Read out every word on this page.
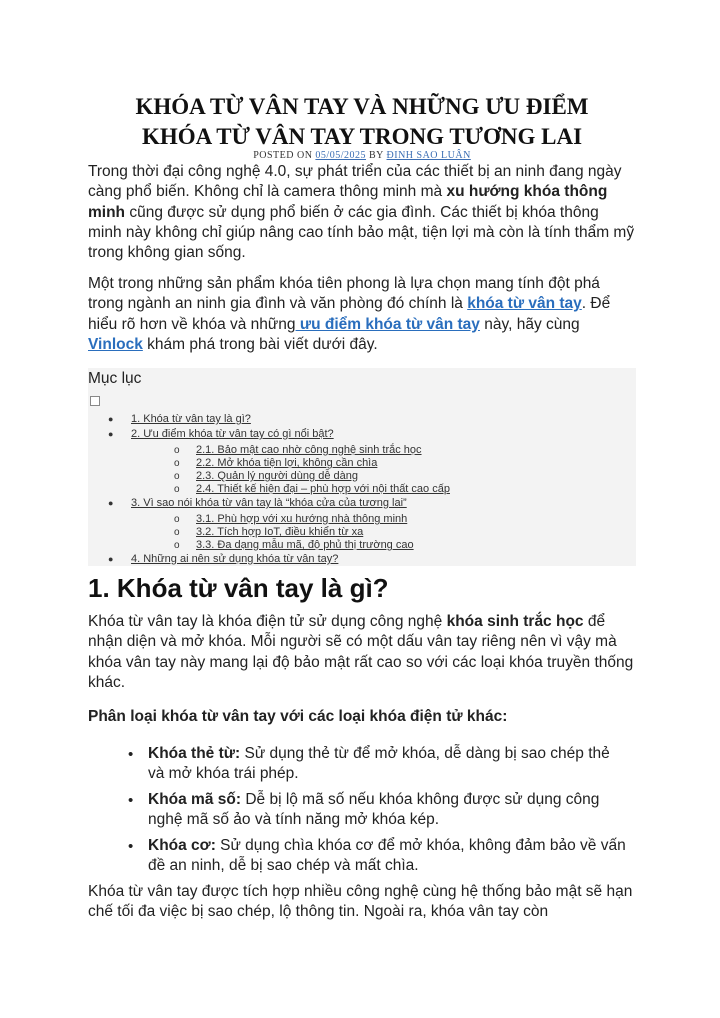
KHÓA TỪ VÂN TAY VÀ NHỮNG ƯU ĐIỂM
KHÓA TỪ VÂN TAY TRONG TƯƠNG LAI
POSTED ON 05/05/2025 BY ĐINH SAO LUÂN

Trong thời đại công nghệ 4.0, sự phát triển của các thiết bị an ninh đang ngày càng phổ biến. Không chỉ là camera thông minh mà xu hướng khóa thông minh cũng được sử dụng phổ biến ở các gia đình. Các thiết bị khóa thông minh này không chỉ giúp nâng cao tính bảo mật, tiện lợi mà còn là tính thẩm mỹ trong không gian sống.

Một trong những sản phẩm khóa tiên phong là lựa chọn mang tính đột phá trong ngành an ninh gia đình và văn phòng đó chính là khóa từ vân tay. Để hiểu rõ hơn về khóa và những ưu điểm khóa từ vân tay này, hãy cùng Vinlock khám phá trong bài viết dưới đây.

Mục lục
● 1. Khóa từ vân tay là gì?
● 2. Ưu điểm khóa từ vân tay có gì nổi bật?
o 2.1. Bảo mật cao nhờ công nghệ sinh trắc học
o 2.2. Mở khóa tiện lợi, không cần chìa
o 2.3. Quản lý người dùng dễ dàng
o 2.4. Thiết kế hiện đại – phù hợp với nội thất cao cấp
● 3. Vì sao nói khóa từ vân tay là “khóa cửa của tương lai”
o 3.1. Phù hợp với xu hướng nhà thông minh
o 3.2. Tích hợp IoT, điều khiển từ xa
o 3.3. Đa dạng mẫu mã, độ phủ thị trường cao
● 4. Những ai nên sử dụng khóa từ vân tay?
1. Khóa từ vân tay là gì?

Khóa từ vân tay là khóa điện tử sử dụng công nghệ khóa sinh trắc học để nhận diện và mở khóa. Mỗi người sẽ có một dấu vân tay riêng nên vì vậy mà khóa vân tay này mang lại độ bảo mật rất cao so với các loại khóa truyền thống khác.

Phân loại khóa từ vân tay với các loại khóa điện tử khác:
• Khóa thẻ từ: Sử dụng thẻ từ để mở khóa, dễ dàng bị sao chép thẻ và mở khóa trái phép.
• Khóa mã số: Dễ bị lộ mã số nếu khóa không được sử dụng công nghệ mã số ảo và tính năng mở khóa kép.
• Khóa cơ: Sử dụng chìa khóa cơ để mở khóa, không đảm bảo về vấn đề an ninh, dễ bị sao chép và mất chìa.

Khóa từ vân tay được tích hợp nhiều công nghệ cùng hệ thống bảo mật sẽ hạn chế tối đa việc bị sao chép, lộ thông tin. Ngoài ra, khóa vân tay còn
